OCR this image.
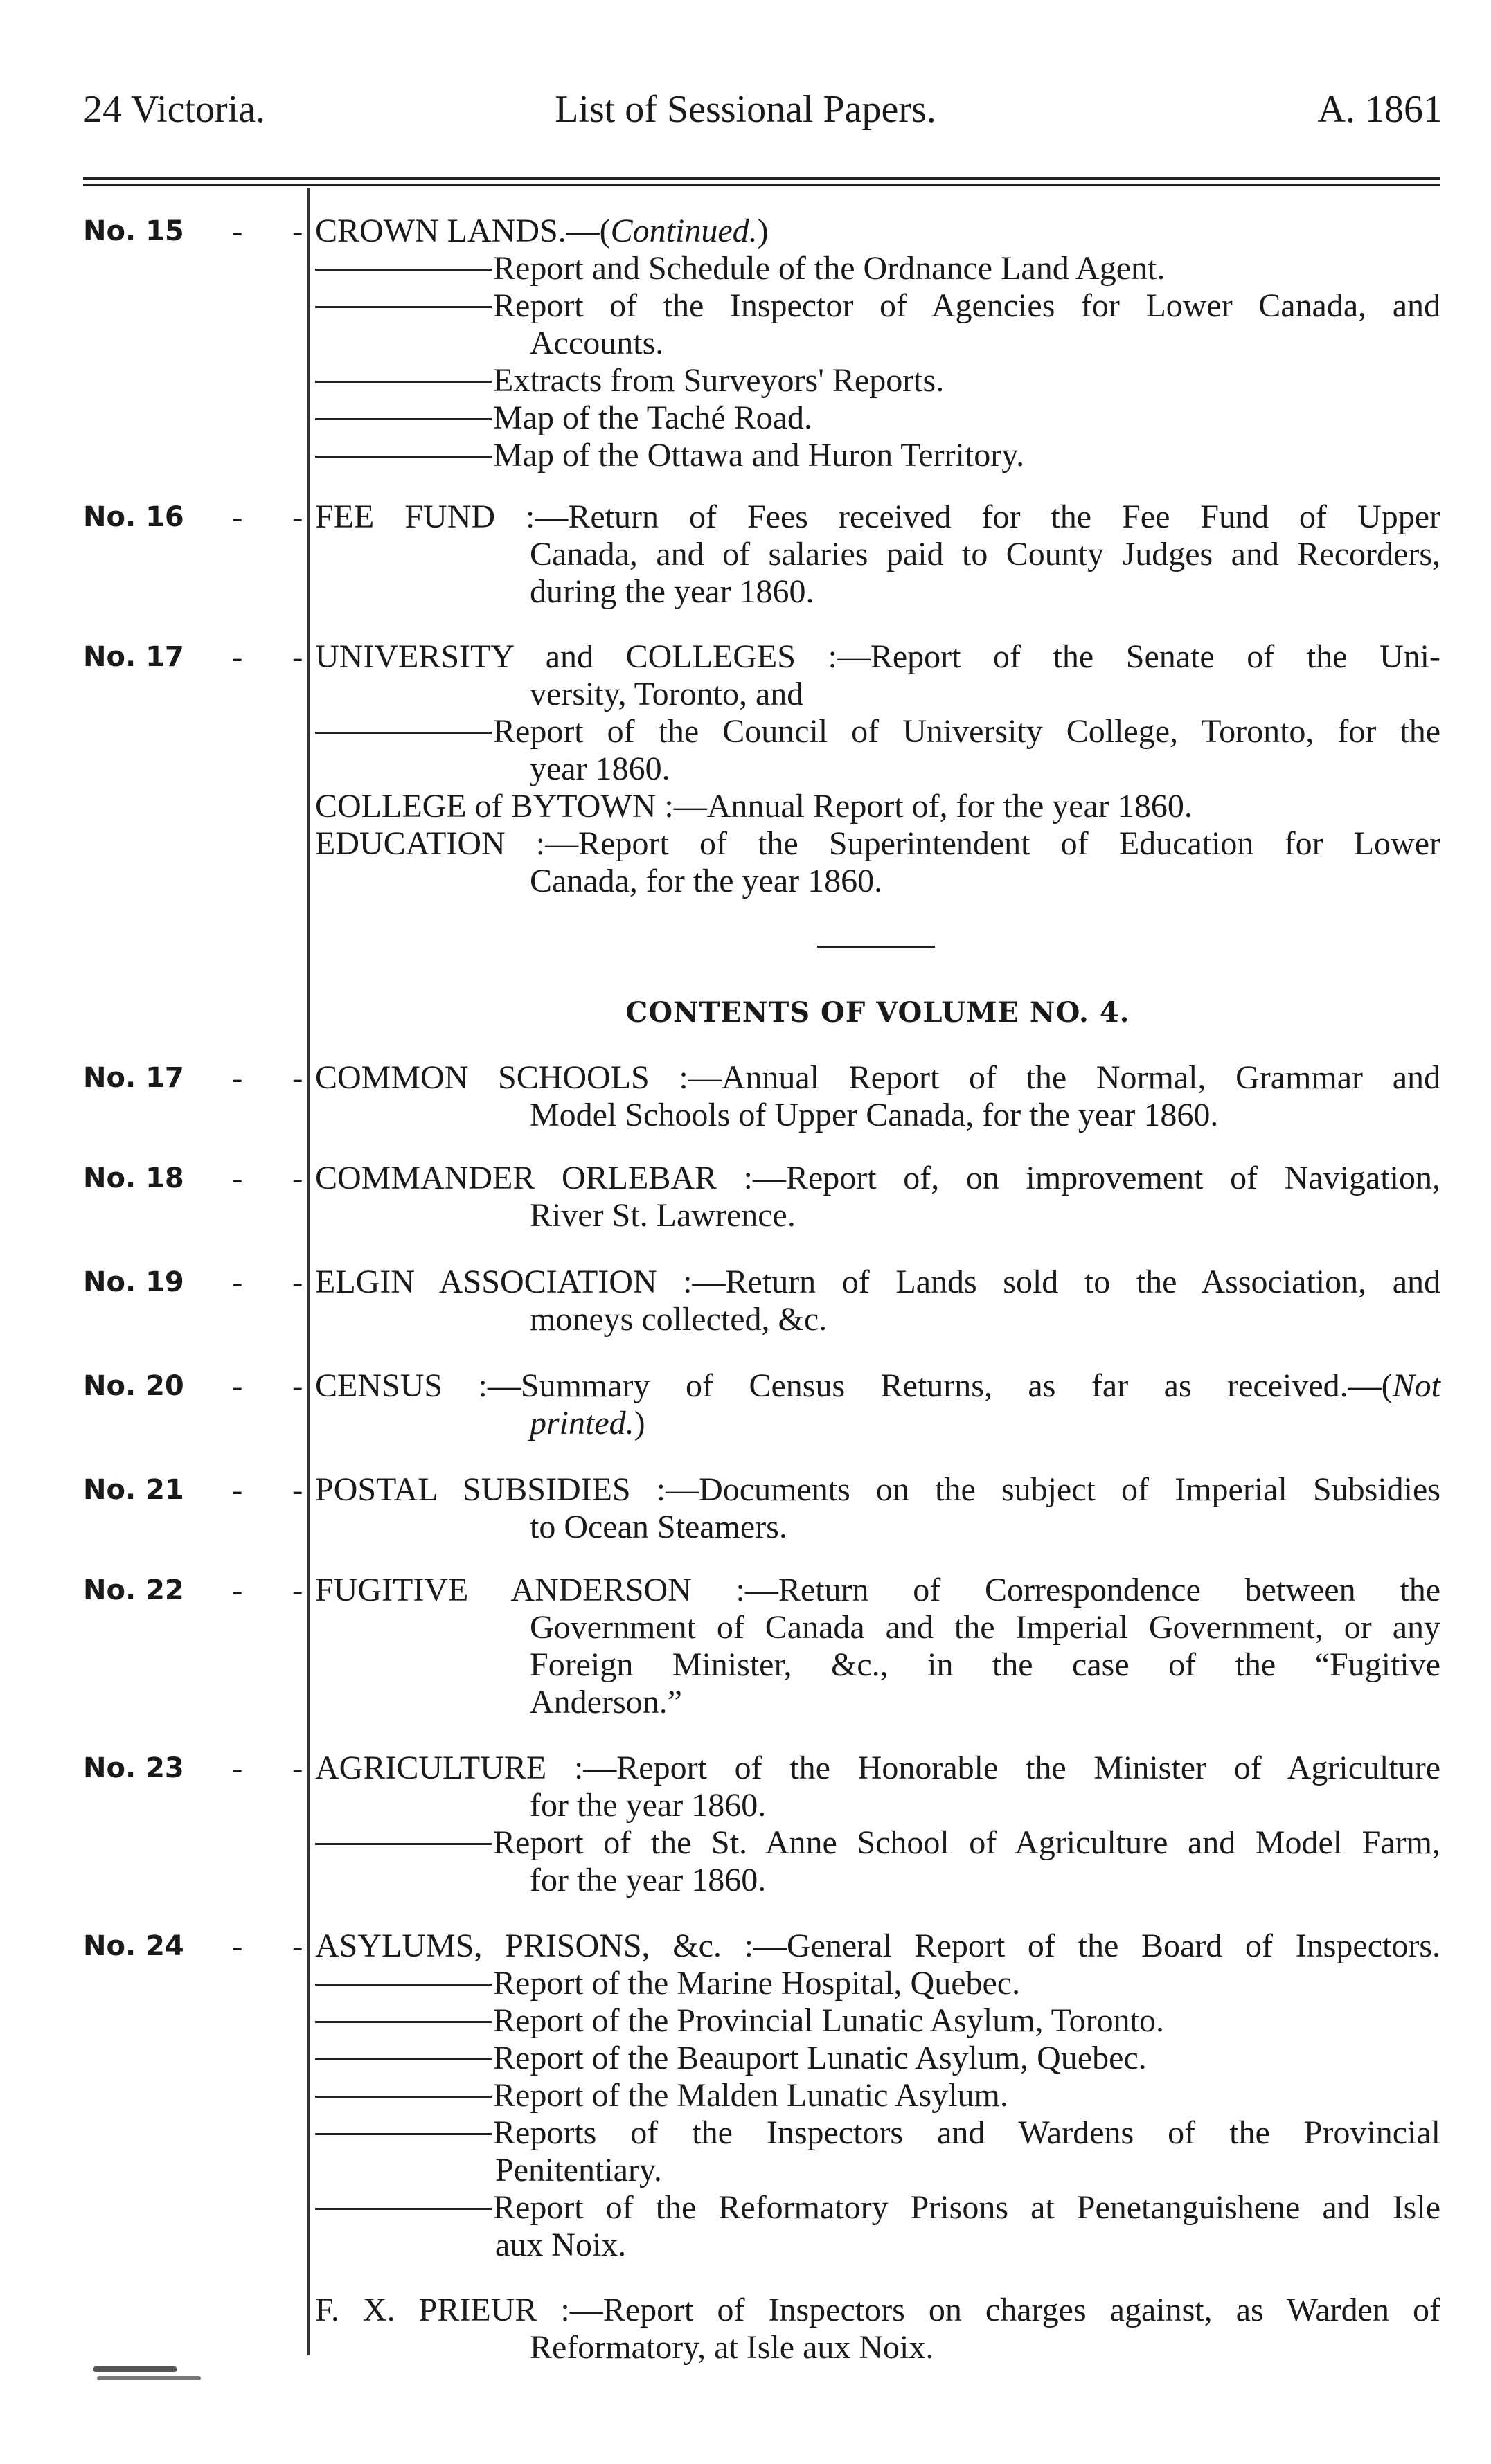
24 Victoria.	List of Sessional Papers.	A. 1861
No. 15 - - CROWN LANDS.—(Continued.)
Report and Schedule of the Ordnance Land Agent.
Report of the Inspector of Agencies for Lower Canada, and
Accounts.
Extracts from Surveyors' Reports.
Map of the Taché Road.
Map of the Ottawa and Huron Territory.
No. 16 - - FEE FUND :—Return of Fees received for the Fee Fund of Upper
Canada, and of salaries paid to County Judges and Recorders,
during the year 1860.
No. 17 - - UNIVERSITY and COLLEGES :—Report of the Senate of the Uni-
versity, Toronto, and
Report of the Council of University College, Toronto, for the
year 1860.
COLLEGE of BYTOWN :—Annual Report of, for the year 1860.
EDUCATION :—Report of the Superintendent of Education for Lower
Canada, for the year 1860.
CONTENTS OF VOLUME NO. 4.
No. 17 - - COMMON SCHOOLS :—Annual Report of the Normal, Grammar and
Model Schools of Upper Canada, for the year 1860.
No. 18 - - COMMANDER ORLEBAR :—Report of, on improvement of Navigation,
River St. Lawrence.
No. 19 - - ELGIN ASSOCIATION :—Return of Lands sold to the Association, and
moneys collected, &c.
No. 20 - - CENSUS :—Summary of Census Returns, as far as received.—(Not
printed.)
No. 21 - - POSTAL SUBSIDIES :—Documents on the subject of Imperial Subsidies
to Ocean Steamers.
No. 22 - - FUGITIVE ANDERSON :—Return of Correspondence between the
Government of Canada and the Imperial Government, or any
Foreign Minister, &c., in the case of the “Fugitive
Anderson.”
No. 23 - - AGRICULTURE :—Report of the Honorable the Minister of Agriculture
for the year 1860.
Report of the St. Anne School of Agriculture and Model Farm,
for the year 1860.
No. 24 - - ASYLUMS, PRISONS, &c. :—General Report of the Board of Inspectors.
Report of the Marine Hospital, Quebec.
Report of the Provincial Lunatic Asylum, Toronto.
Report of the Beauport Lunatic Asylum, Quebec.
Report of the Malden Lunatic Asylum.
Reports of the Inspectors and Wardens of the Provincial
Penitentiary.
Report of the Reformatory Prisons at Penetanguishene and Isle
aux Noix.
F. X. PRIEUR :—Report of Inspectors on charges against, as Warden of
Reformatory, at Isle aux Noix.
